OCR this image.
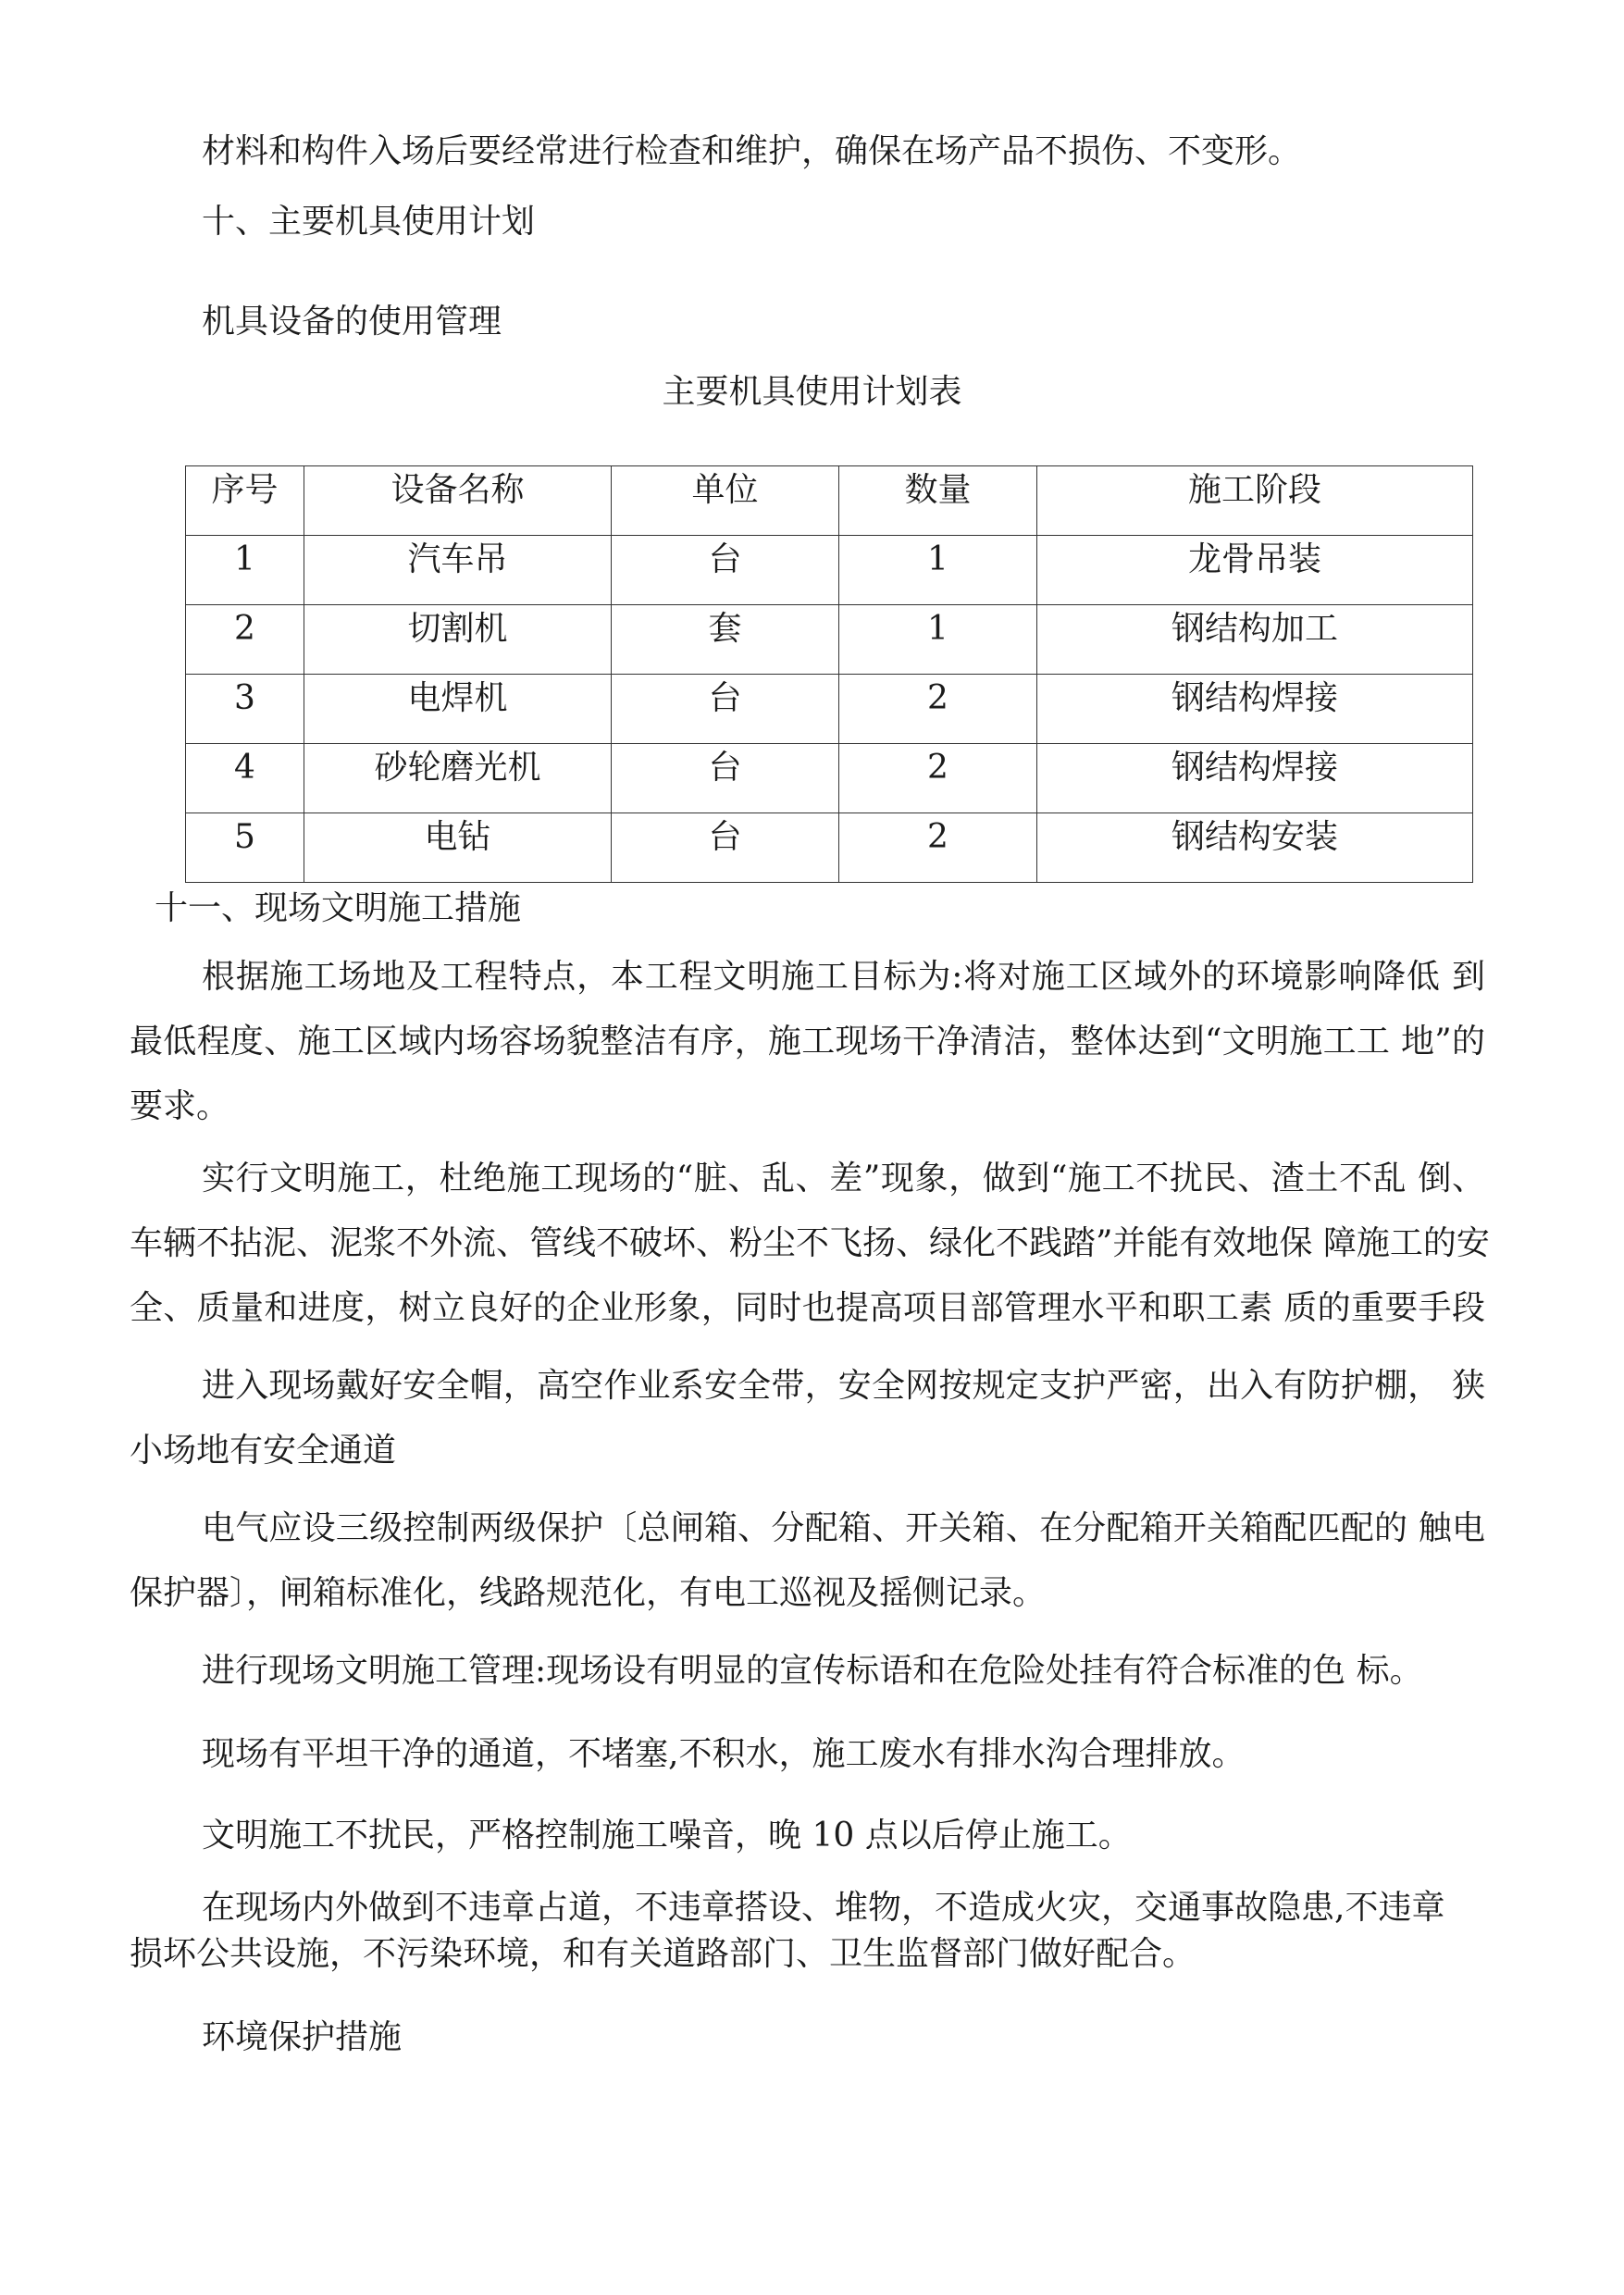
材料和构件入场后要经常进行检查和维护，确保在场产品不损伤、不变形。
十、主要机具使用计划
机具设备的使用管理
主要机具使用计划表
序号	设备名称	单位	数量	施工阶段

1	汽车吊	台	1	龙骨吊装

2	切割机	套	1	钢结构加工

3	电焊机	台	2	钢结构焊接

4	砂轮磨光机	台	2	钢结构焊接

5	电钻	台	2	钢结构安装
十一、现场文明施工措施
根据施工场地及工程特点，本工程文明施工目标为:将对施工区域外的环境影响降低 到
最低程度、施工区域内场容场貌整洁有序，施工现场干净清洁，整体达到“文明施工工 地”的
要求。
实行文明施工，杜绝施工现场的“脏、乱、差”现象，做到“施工不扰民、渣土不乱 倒、
车辆不拈泥、泥浆不外流、管线不破坏、粉尘不飞扬、绿化不践踏”并能有效地保 障施工的安
全、质量和进度，树立良好的企业形象，同时也提高项目部管理水平和职工素 质的重要手段
进入现场戴好安全帽，高空作业系安全带，安全网按规定支护严密，出入有防护棚， 狭
小场地有安全通道
电气应设三级控制两级保护〔总闸箱、分配箱、开关箱、在分配箱开关箱配匹配的 触电
保护器〕，闸箱标准化，线路规范化，有电工巡视及摇侧记录。
进行现场文明施工管理:现场设有明显的宣传标语和在危险处挂有符合标准的色 标。
现场有平坦干净的通道，不堵塞,不积水，施工废水有排水沟合理排放。
文明施工不扰民，严格控制施工噪音，晚 10 点以后停止施工。
在现场内外做到不违章占道，不违章搭设、堆物，不造成火灾，交通事故隐患,不违章
损坏公共设施，不污染环境，和有关道路部门、卫生监督部门做好配合。
环境保护措施
